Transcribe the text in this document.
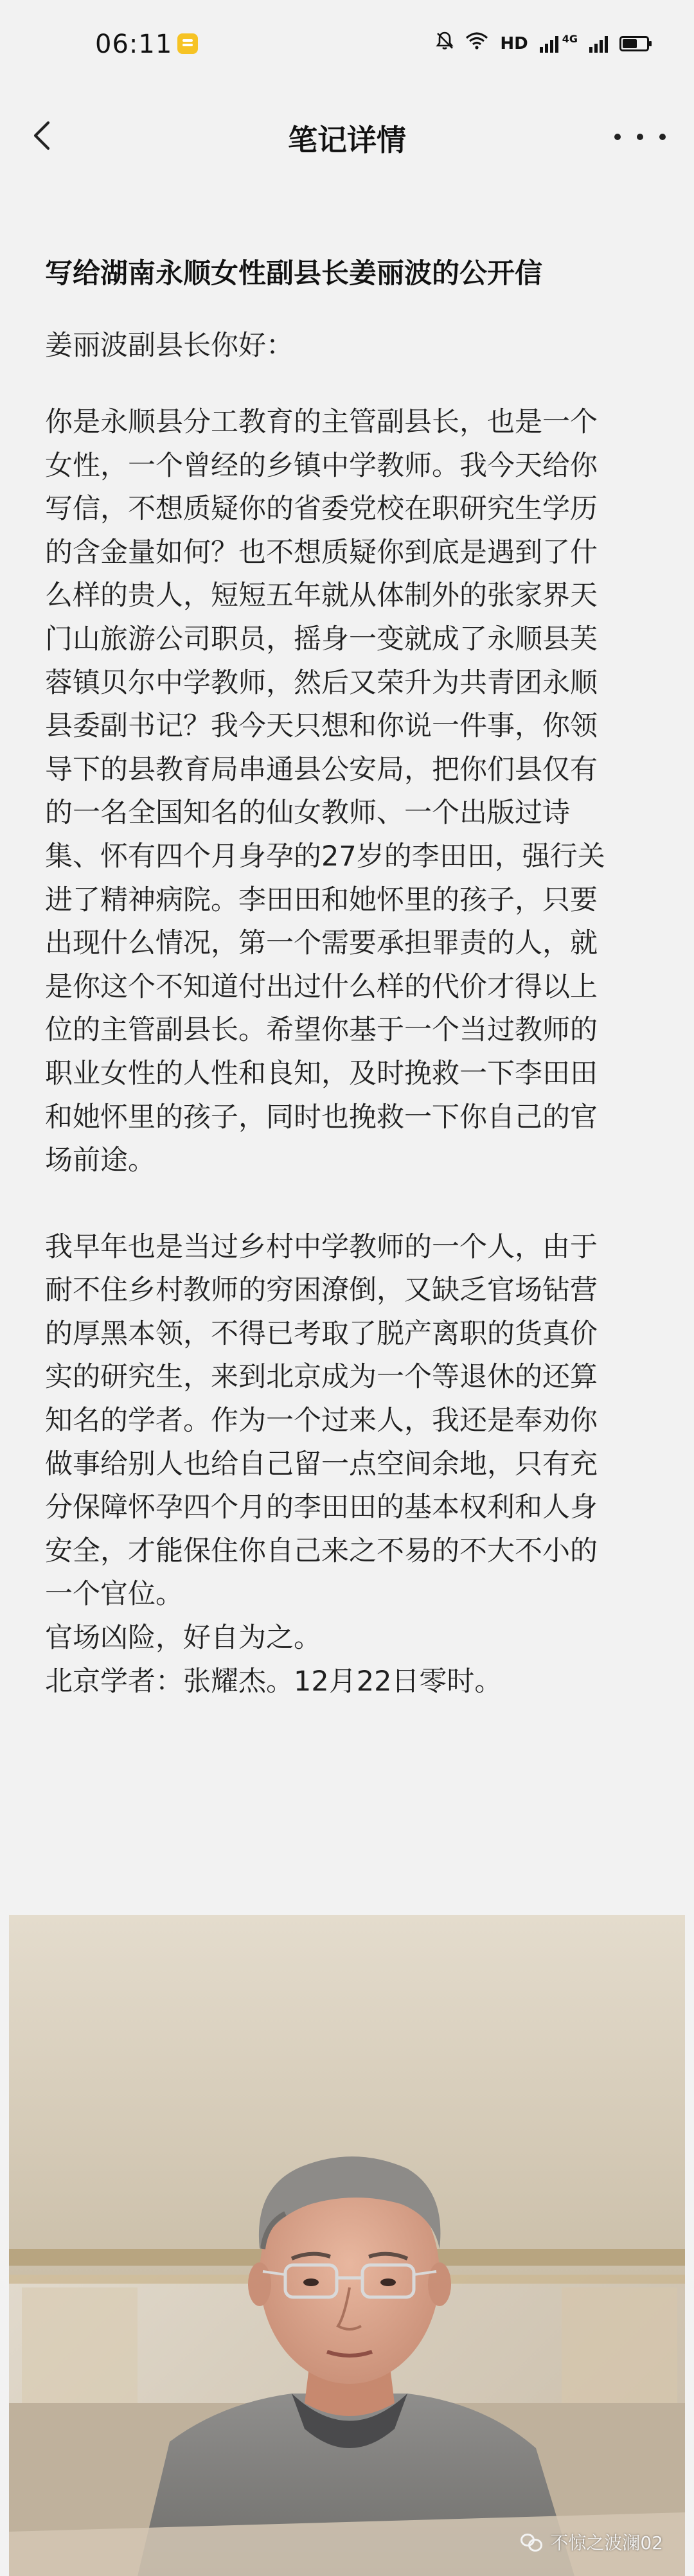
06:11	HD	4G
笔记详情
写给湖南永顺女性副县长姜丽波的公开信
姜丽波副县长你好：
你是永顺县分工教育的主管副县长，也是一个
女性，一个曾经的乡镇中学教师。我今天给你
写信，不想质疑你的省委党校在职研究生学历
的含金量如何？也不想质疑你到底是遇到了什
么样的贵人，短短五年就从体制外的张家界天
门山旅游公司职员，摇身一变就成了永顺县芙
蓉镇贝尔中学教师，然后又荣升为共青团永顺
县委副书记？我今天只想和你说一件事，你领
导下的县教育局串通县公安局，把你们县仅有
的一名全国知名的仙女教师、一个出版过诗
集、怀有四个月身孕的27岁的李田田，强行关
进了精神病院。李田田和她怀里的孩子，只要
出现什么情况，第一个需要承担罪责的人，就
是你这个不知道付出过什么样的代价才得以上
位的主管副县长。希望你基于一个当过教师的
职业女性的人性和良知，及时挽救一下李田田
和她怀里的孩子，同时也挽救一下你自己的官
场前途。
我早年也是当过乡村中学教师的一个人，由于
耐不住乡村教师的穷困潦倒，又缺乏官场钻营
的厚黑本领，不得已考取了脱产离职的货真价
实的研究生，来到北京成为一个等退休的还算
知名的学者。作为一个过来人，我还是奉劝你
做事给别人也给自己留一点空间余地，只有充
分保障怀孕四个月的李田田的基本权利和人身
安全，才能保住你自己来之不易的不大不小的
一个官位。
官场凶险，好自为之。
北京学者：张耀杰。12月22日零时。
不惊之波澜02
